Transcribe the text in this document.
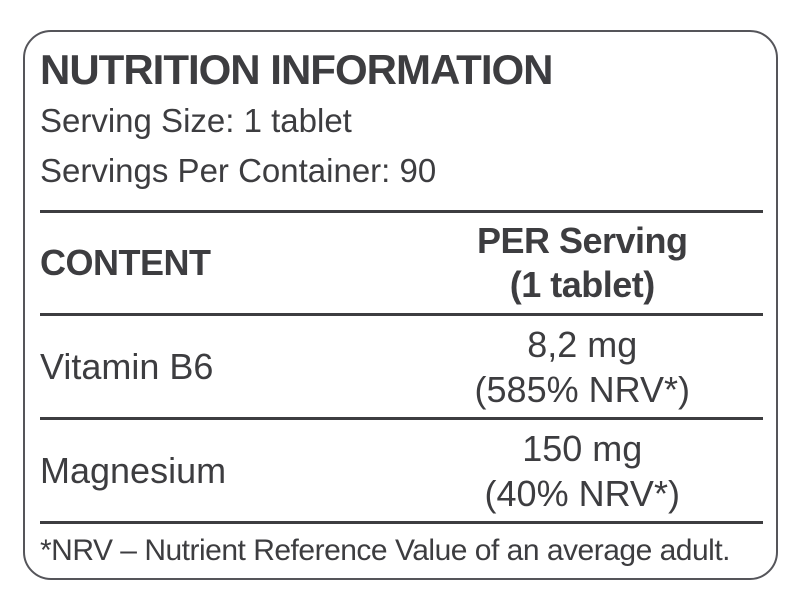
NUTRITION INFORMATION
Serving Size: 1 tablet
Servings Per Container: 90
CONTENT
PER Serving
(1 tablet)
Vitamin B6
8,2 mg
(585% NRV*)
Magnesium
150 mg
(40% NRV*)
*NRV – Nutrient Reference Value of an average adult.
